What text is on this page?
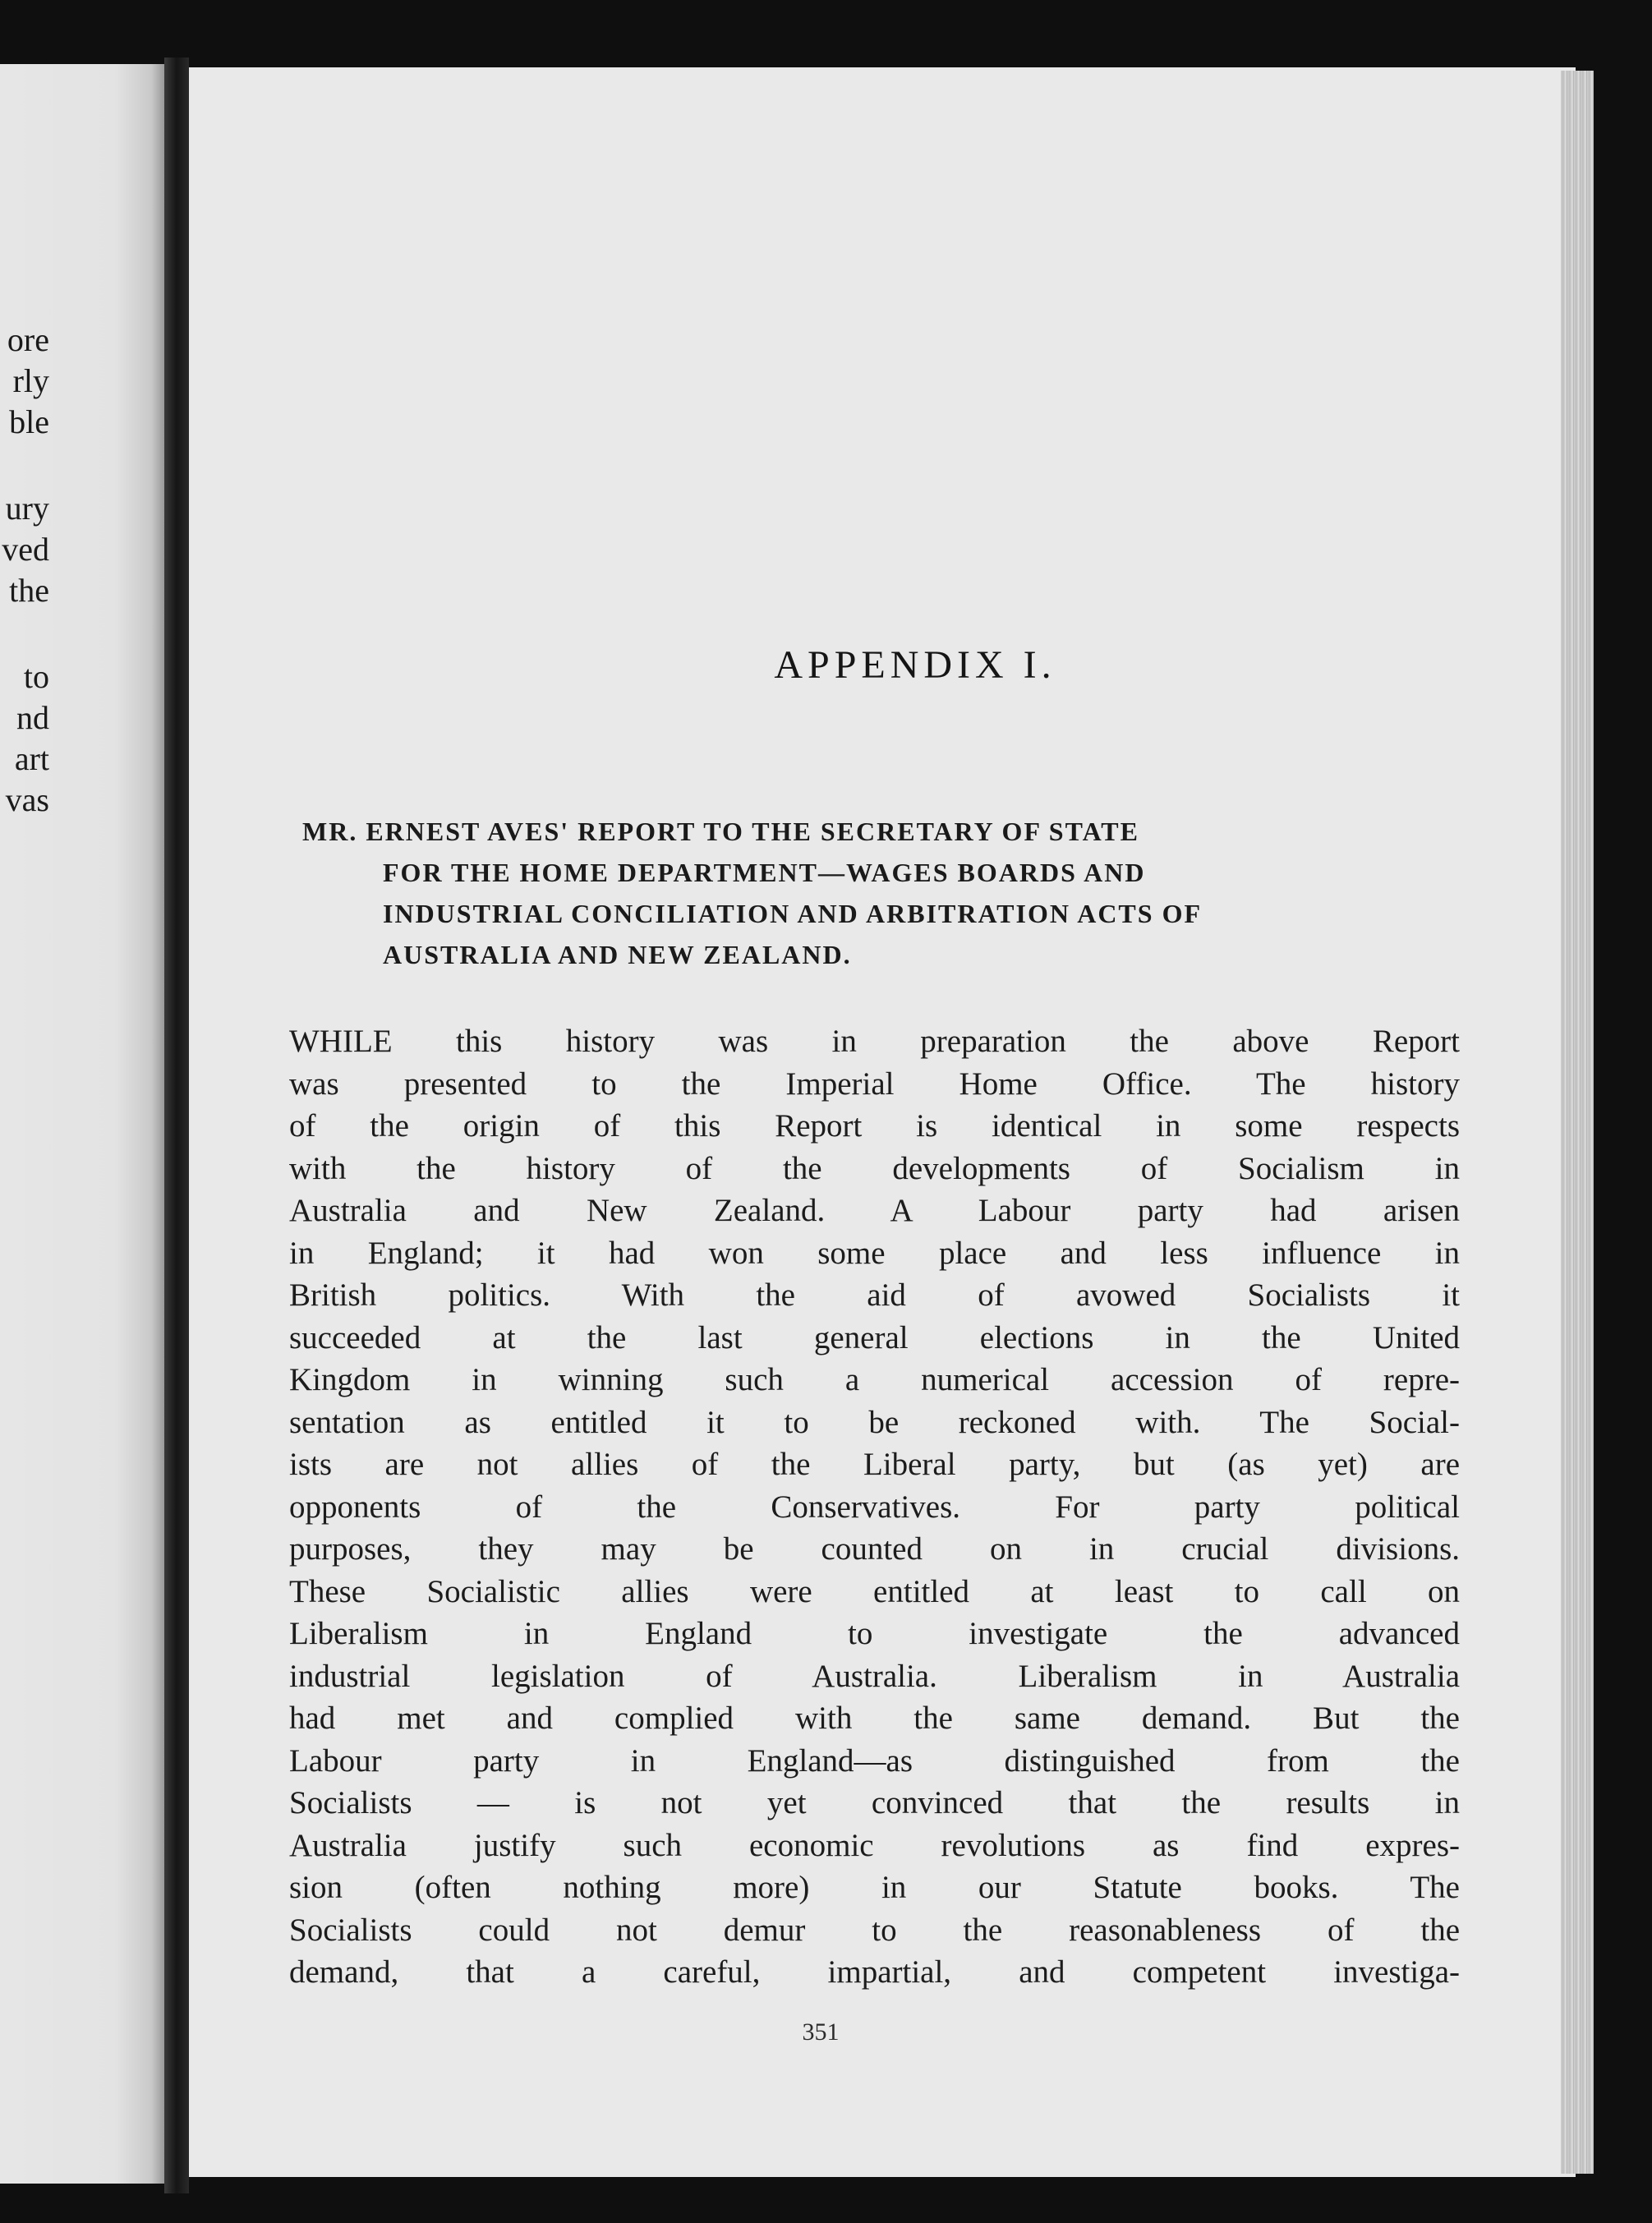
ore
rly
ble
ury
ved
the
to
nd
art
vas
APPENDIX I.
MR. ERNEST AVES' REPORT TO THE SECRETARY OF STATE
FOR THE HOME DEPARTMENT—WAGES BOARDS AND
INDUSTRIAL CONCILIATION AND ARBITRATION ACTS OF
AUSTRALIA AND NEW ZEALAND.
WHILE this history was in preparation the above Report
was presented to the Imperial Home Office. The history
of the origin of this Report is identical in some respects
with the history of the developments of Socialism in
Australia and New Zealand. A Labour party had arisen
in England; it had won some place and less influence in
British politics. With the aid of avowed Socialists it
succeeded at the last general elections in the United
Kingdom in winning such a numerical accession of repre-
sentation as entitled it to be reckoned with. The Social-
ists are not allies of the Liberal party, but (as yet) are
opponents of the Conservatives. For party political
purposes, they may be counted on in crucial divisions.
These Socialistic allies were entitled at least to call on
Liberalism in England to investigate the advanced
industrial legislation of Australia. Liberalism in Australia
had met and complied with the same demand. But the
Labour party in England—as distinguished from the
Socialists — is not yet convinced that the results in
Australia justify such economic revolutions as find expres-
sion (often nothing more) in our Statute books. The
Socialists could not demur to the reasonableness of the
demand, that a careful, impartial, and competent investiga-
351
